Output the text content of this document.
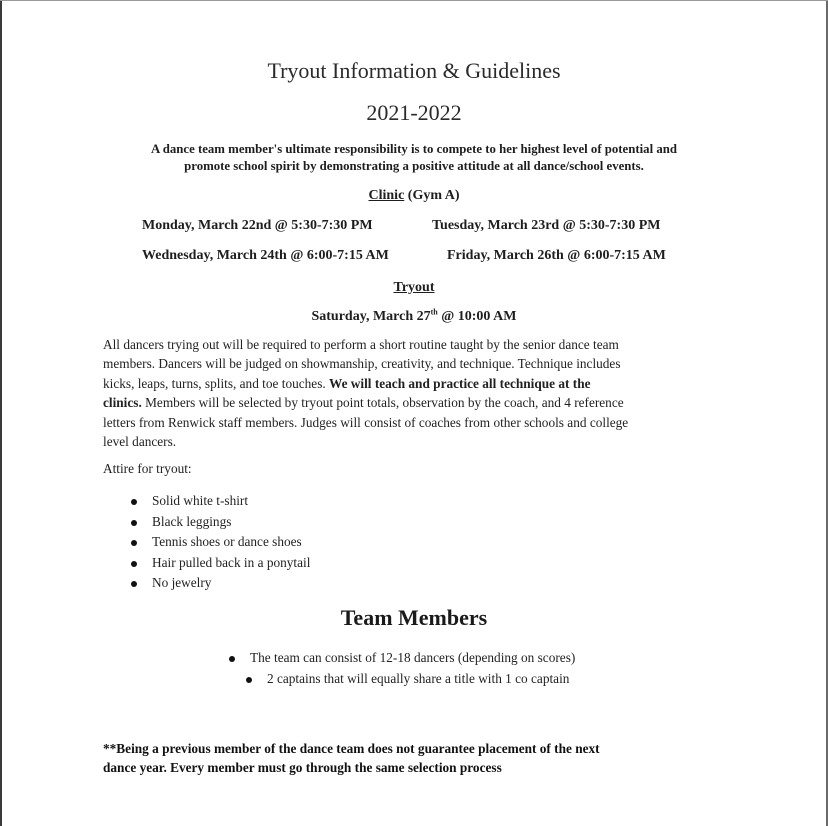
Tryout Information & Guidelines
2021-2022
A dance team member's ultimate responsibility is to compete to her highest level of potential and
promote school spirit by demonstrating a positive attitude at all dance/school events.
Clinic (Gym A)
Monday, March 22nd @ 5:30-7:30 PM	Tuesday, March 23rd @ 5:30-7:30 PM
Wednesday, March 24th @ 6:00-7:15 AM	Friday, March 26th @ 6:00-7:15 AM
Tryout
Saturday, March 27th @ 10:00 AM
All dancers trying out will be required to perform a short routine taught by the senior dance team
members. Dancers will be judged on showmanship, creativity, and technique. Technique includes
kicks, leaps, turns, splits, and toe touches. We will teach and practice all technique at the
clinics. Members will be selected by tryout point totals, observation by the coach, and 4 reference
letters from Renwick staff members. Judges will consist of coaches from other schools and college
level dancers.
Attire for tryout:
Solid white t-shirt
Black leggings
Tennis shoes or dance shoes
Hair pulled back in a ponytail
No jewelry
Team Members
The team can consist of 12-18 dancers (depending on scores)
2 captains that will equally share a title with 1 co captain
**Being a previous member of the dance team does not guarantee placement of the next
dance year. Every member must go through the same selection process
